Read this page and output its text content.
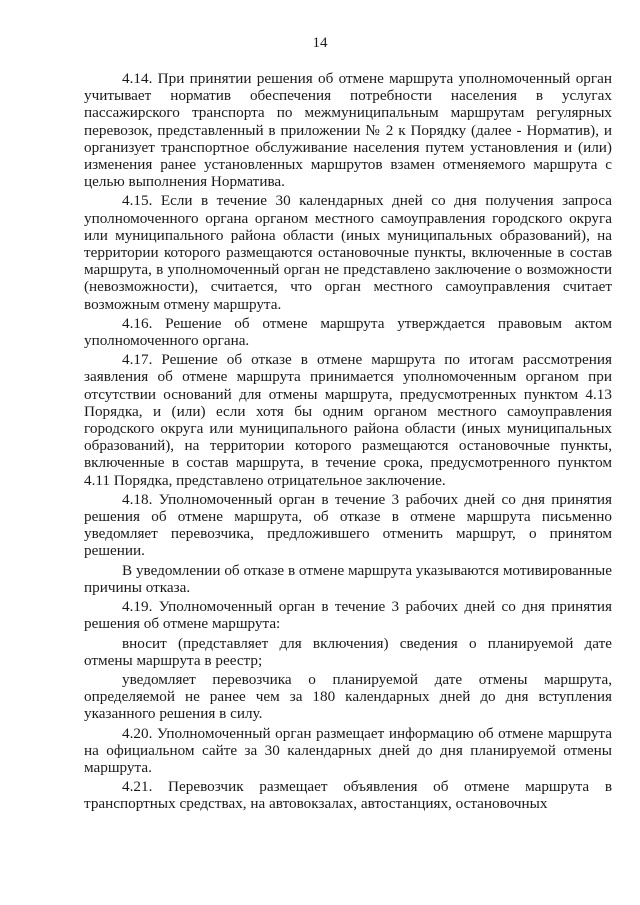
14

4.14. При принятии решения об отмене маршрута уполномоченный орган учитывает норматив обеспечения потребности населения в услугах пассажирского транспорта по межмуниципальным маршрутам регулярных перевозок, представленный в приложении № 2 к Порядку (далее - Норматив), и организует транспортное обслуживание населения путем установления и (или) изменения ранее установленных маршрутов взамен отменяемого маршрута с целью выполнения Норматива.

4.15. Если в течение 30 календарных дней со дня получения запроса уполномоченного органа органом местного самоуправления городского округа или муниципального района области (иных муниципальных образований), на территории которого размещаются остановочные пункты, включенные в состав маршрута, в уполномоченный орган не представлено заключение о возможности (невозможности), считается, что орган местного самоуправления считает возможным отмену маршрута.

4.16. Решение об отмене маршрута утверждается правовым актом уполномоченного органа.

4.17. Решение об отказе в отмене маршрута по итогам рассмотрения заявления об отмене маршрута принимается уполномоченным органом при отсутствии оснований для отмены маршрута, предусмотренных пунктом 4.13 Порядка, и (или) если хотя бы одним органом местного самоуправления городского округа или муниципального района области (иных муниципальных образований), на территории которого размещаются остановочные пункты, включенные в состав маршрута, в течение срока, предусмотренного пунктом 4.11 Порядка, представлено отрицательное заключение.

4.18. Уполномоченный орган в течение 3 рабочих дней со дня принятия решения об отмене маршрута, об отказе в отмене маршрута письменно уведомляет перевозчика, предложившего отменить маршрут, о принятом решении.

В уведомлении об отказе в отмене маршрута указываются мотивированные причины отказа.

4.19. Уполномоченный орган в течение 3 рабочих дней со дня принятия решения об отмене маршрута:

вносит (представляет для включения) сведения о планируемой дате отмены маршрута в реестр;

уведомляет перевозчика о планируемой дате отмены маршрута, определяемой не ранее чем за 180 календарных дней до дня вступления указанного решения в силу.

4.20. Уполномоченный орган размещает информацию об отмене маршрута на официальном сайте за 30 календарных дней до дня планируемой отмены маршрута.

4.21. Перевозчик размещает объявления об отмене маршрута в транспортных средствах, на автовокзалах, автостанциях, остановочных
